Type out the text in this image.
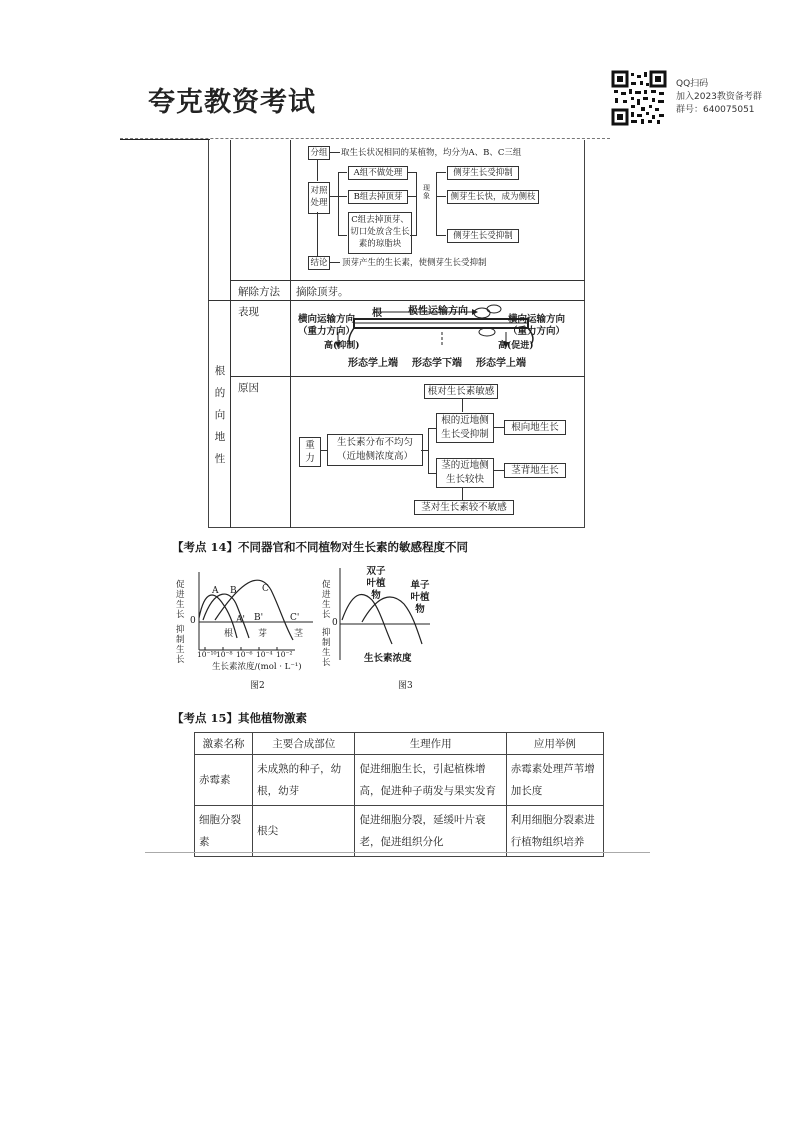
夸克教资考试
QQ扫码
加入2023教资备考群
群号：640075051
分组 取生长状况相同的某植物，均分为A、B、C三组
对照处理
A组不做处理
B组去掉顶芽
C组去掉顶芽、切口处放含生长素的琼脂块
现象
侧芽生长受抑制
侧芽生长快，成为侧枝
侧芽生长受抑制
结论 顶芽产生的生长素，使侧芽生长受抑制
解除方法 摘除顶芽。
根的向地性
表现	根	极性运输方向
横向运输方向（重力方向）
横向运输方向（重力方向）
高(抑制)	高(促进)
形态学上端 形态学下端 形态学上端
原因
重力
生长素分布不均匀（近地侧浓度高）
根对生长素敏感
根的近地侧生长受抑制
根向地生长
茎的近地侧生长较快
茎背地生长
茎对生长素较不敏感
【考点 14】不同器官和不同植物对生长素的敏感程度不同
促进生长
抑制生长
0
A B	C
A' B'	C'
根	芽	茎
10⁻¹⁰ 10⁻⁸ 10⁻⁶ 10⁻⁴ 10⁻²
生长素浓度/(mol · L⁻¹)
图2
双子叶植物
单子叶植物
促进生长
抑制生长
0
生长素浓度
图3
【考点 15】其他植物激素
激素名称	主要合成部位	生理作用	应用举例
赤霉素	未成熟的种子，幼根，幼芽	促进细胞生长，引起植株增高，促进种子萌发与果实发育	赤霉素处理芦苇增加长度
细胞分裂素	根尖	促进细胞分裂，延缓叶片衰老，促进组织分化	利用细胞分裂素进行植物组织培养
